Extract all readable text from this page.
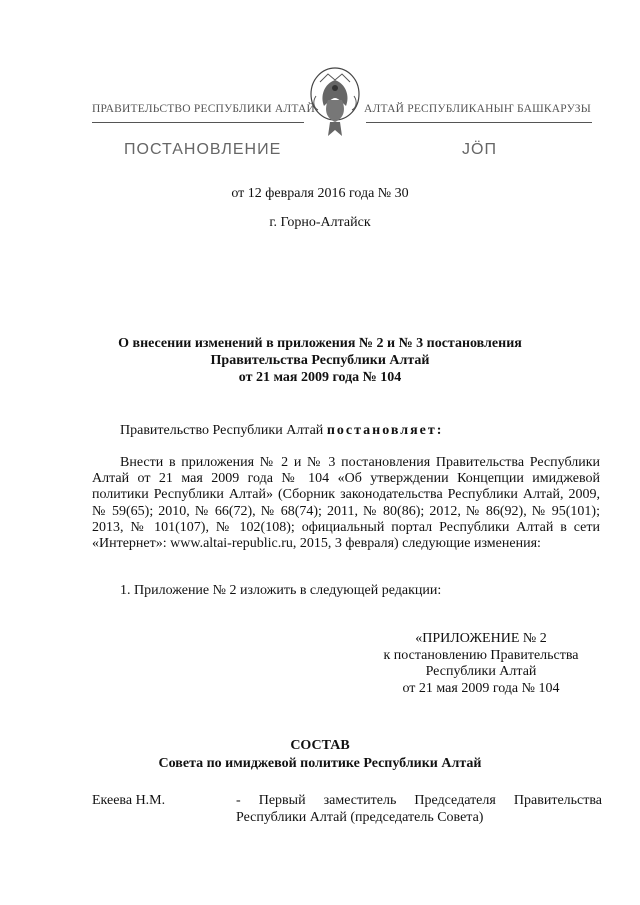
ПРАВИТЕЛЬСТВО РЕСПУБЛИКИ АЛТАЙ	АЛТАЙ РЕСПУБЛИКАНЫҤ БАШКАРУЗЫ
ПОСТАНОВЛЕНИЕ	JӦП
от 12 февраля 2016 года № 30
г. Горно-Алтайск
О внесении изменений в приложения № 2 и № 3 постановления
Правительства Республики Алтай
от 21 мая 2009 года № 104
Правительство Республики Алтай постановляет:
Внести в приложения № 2 и № 3 постановления Правительства Республики Алтай от 21 мая 2009 года № 104 «Об утверждении Концепции имиджевой политики Республики Алтай» (Сборник законодательства Республики Алтай, 2009, № 59(65); 2010, № 66(72), № 68(74); 2011, № 80(86); 2012, № 86(92), № 95(101); 2013, № 101(107), № 102(108); официальный портал Республики Алтай в сети «Интернет»: www.altai-republic.ru, 2015, 3 февраля) следующие изменения:
1. Приложение № 2 изложить в следующей редакции:
«ПРИЛОЖЕНИЕ № 2
к постановлению Правительства
Республики Алтай
от 21 мая 2009 года № 104
СОСТАВ
Совета по имиджевой политике Республики Алтай
Екеева Н.М.	- Первый заместитель Председателя Правительства Республики Алтай (председатель Совета)
